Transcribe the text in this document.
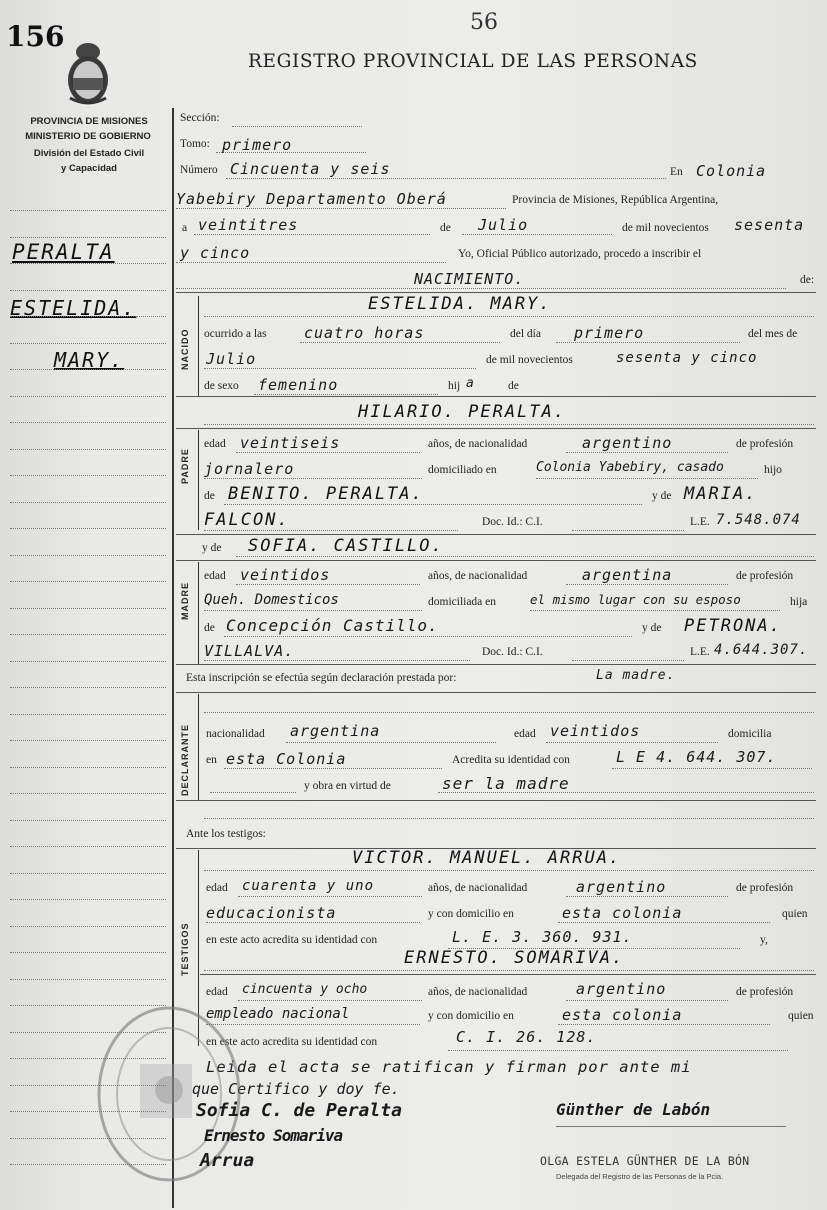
156	56
REGISTRO PROVINCIAL DE LAS PERSONAS
PROVINCIA DE MISIONES
MINISTERIO DE GOBIERNO
División del Estado Civil
y Capacidad
PERALTA
ESTELIDA.
MARY.
Sección:
Tomo: primero
Número Cincuenta y seis	En Colonia
Yabebiry Departamento Oberá	Provincia de Misiones, República Argentina,
a veintitres	de Julio	de mil novecientos sesenta
y cinco	Yo, Oficial Público autorizado, procedo a inscribir el
NACIMIENTO.	de:
NACIDO
ESTELIDA. MARY.
ocurrido a las cuatro horas	del día primero	del mes de
Julio	de mil novecientos	sesenta y cinco
de sexo femenino	hij a	de
HILARIO. PERALTA.
PADRE
edad veintiseis	años, de nacionalidad	argentino	de profesión
jornalero	domiciliado en	Colonia Yabebiry, casado	hijo
de BENITO. PERALTA.	y de MARIA.
FALCON.	Doc. Id.: C.I.	L.E. 7.548.074
y de SOFIA. CASTILLO.
MADRE
edad veintidos	años, de nacionalidad	argentina	de profesión
Queh. Domesticos	domiciliada en	el mismo lugar con su esposo	hija
de Concepción Castillo.	y de PETRONA.
VILLALVA.	Doc. Id.: C.I.	L.E. 4.644.307.
Esta inscripción se efectúa según declaración prestada por:	La madre.
DECLARANTE nacionalidad argentina	edad veintidos	domicilia
en esta Colonia	Acredita su identidad con	L E 4. 644. 307.
y obra en virtud de	ser la madre
Ante los testigos:
TESTIGOS
VICTOR. MANUEL. ARRUA.
edad cuarenta y uno	años, de nacionalidad	argentino	de profesión
educacionista	y con domicilio en	esta colonia	quien
en este acto acredita su identidad con	L. E. 3. 360. 931.	y,
ERNESTO. SOMARIVA.
edad cincuenta y ocho	años, de nacionalidad	argentino	de profesión
empleado nacional	y con domicilio en	esta colonia	quien
en este acto acredita su identidad con	C. I. 26. 128.
Leida el acta se ratifican y firman por ante mi
que Certifico y doy fe.
Sofia C. de Peralta	Günther de Labón
Ernesto Somariva
Arrua	OLGA ESTELA GÜNTHER DE LA BÓN
Delegada del Registro de las Personas de la Pcia.
